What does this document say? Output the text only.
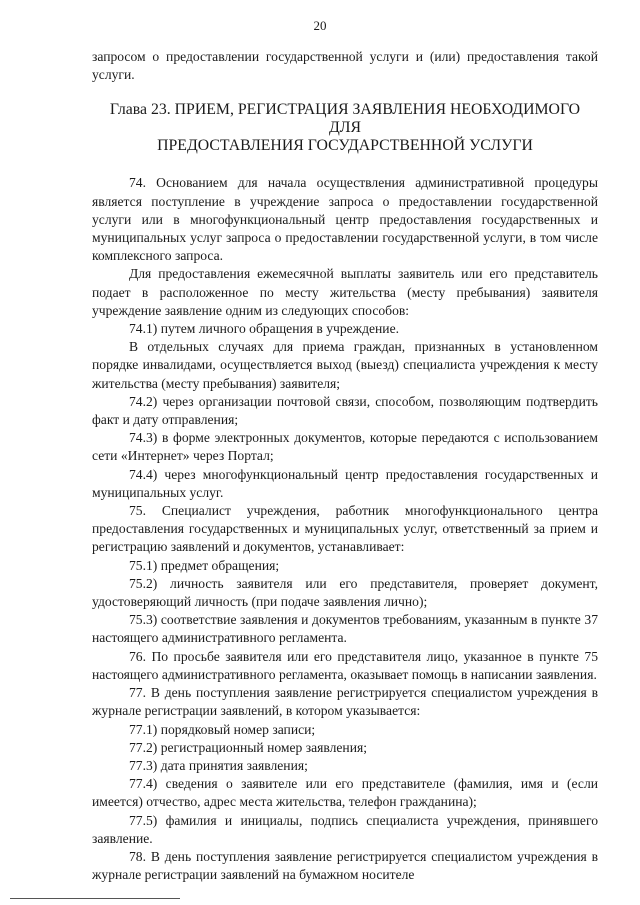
20

запросом о предоставлении государственной услуги и (или) предоставления такой услуги.

Глава 23. ПРИЕМ, РЕГИСТРАЦИЯ ЗАЯВЛЕНИЯ НЕОБХОДИМОГО ДЛЯ
ПРЕДОСТАВЛЕНИЯ ГОСУДАРСТВЕННОЙ УСЛУГИ

74. Основанием для начала осуществления административной процедуры является поступление в учреждение запроса о предоставлении государственной услуги или в многофункциональный центр предоставления государственных и муниципальных услуг запроса о предоставлении государственной услуги, в том числе комплексного запроса.

Для предоставления ежемесячной выплаты заявитель или его представитель подает в расположенное по месту жительства (месту пребывания) заявителя учреждение заявление одним из следующих способов:

74.1) путем личного обращения в учреждение.

В отдельных случаях для приема граждан, признанных в установленном порядке инвалидами, осуществляется выход (выезд) специалиста учреждения к месту жительства (месту пребывания) заявителя;

74.2) через организации почтовой связи, способом, позволяющим подтвердить факт и дату отправления;

74.3) в форме электронных документов, которые передаются с использованием сети «Интернет» через Портал;

74.4) через многофункциональный центр предоставления государственных и муниципальных услуг.

75. Специалист учреждения, работник многофункционального центра предоставления государственных и муниципальных услуг, ответственный за прием и регистрацию заявлений и документов, устанавливает:

75.1) предмет обращения;

75.2) личность заявителя или его представителя, проверяет документ, удостоверяющий личность (при подаче заявления лично);

75.3) соответствие заявления и документов требованиям, указанным в пункте 37 настоящего административного регламента.

76. По просьбе заявителя или его представителя лицо, указанное в пункте 75 настоящего административного регламента, оказывает помощь в написании заявления.

77. В день поступления заявление регистрируется специалистом учреждения в журнале регистрации заявлений, в котором указывается:

77.1) порядковый номер записи;

77.2) регистрационный номер заявления;

77.3) дата принятия заявления;

77.4) сведения о заявителе или его представителе (фамилия, имя и (если имеется) отчество, адрес места жительства, телефон гражданина);

77.5) фамилия и инициалы, подпись специалиста учреждения, принявшего заявление.

78. В день поступления заявление регистрируется специалистом учреждения в журнале регистрации заявлений на бумажном носителе
